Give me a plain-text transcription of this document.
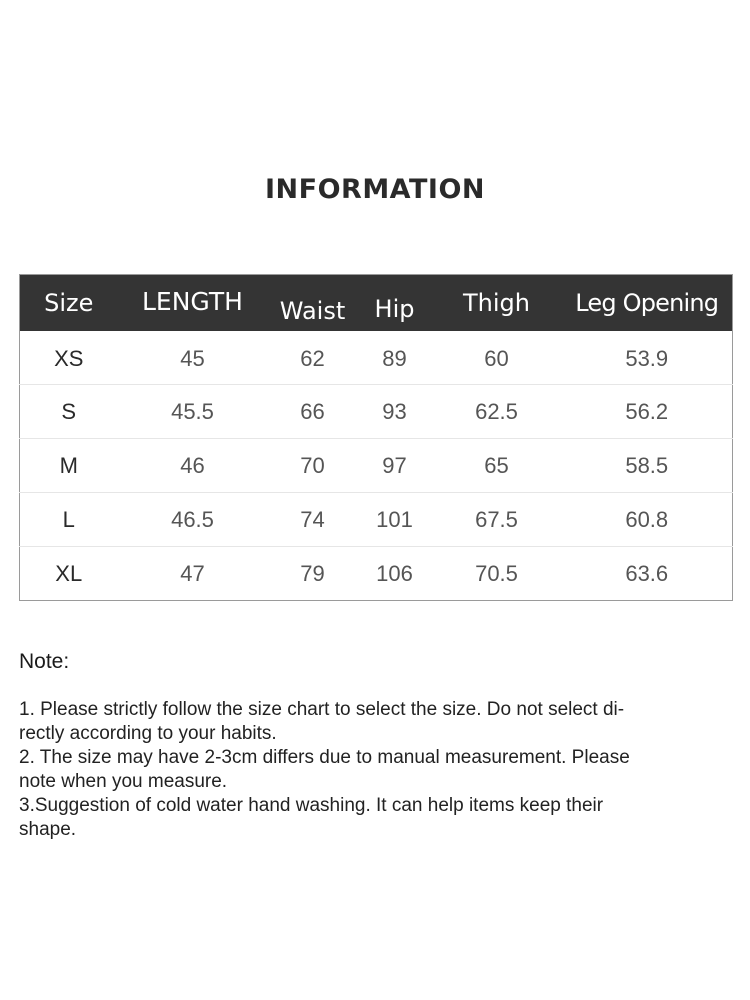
INFORMATION
Size	LENGTH	Waist	Hip	Thigh	Leg Opening
XS	45	62	89	60	53.9
S	45.5	66	93	62.5	56.2
M	46	70	97	65	58.5
L	46.5	74	101	67.5	60.8
XL	47	79	106	70.5	63.6
Note:

1. Please strictly follow the size chart to select the size. Do not select di-

rectly according to your habits.

2. The size may have 2-3cm differs due to manual measurement. Please

note when you measure.

3.Suggestion of cold water hand washing. It can help items keep their

shape.
